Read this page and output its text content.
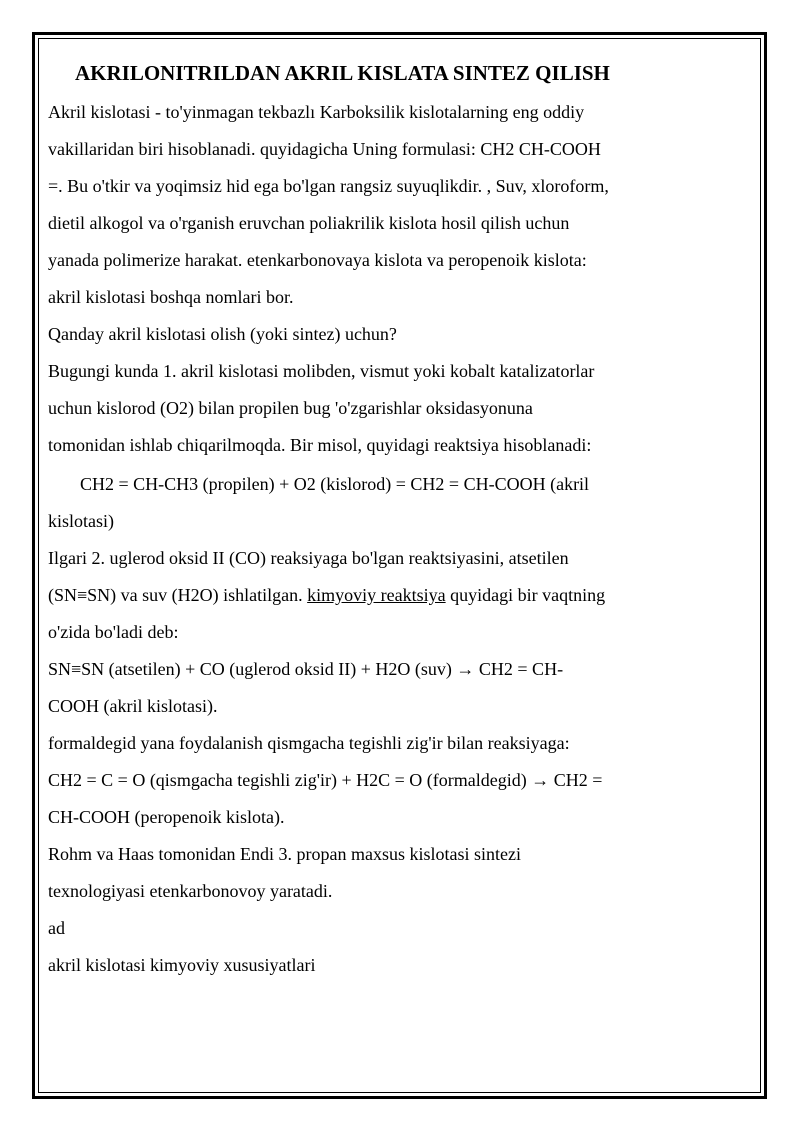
AKRILONITRILDAN AKRIL KISLATA SINTEZ QILISH
Akril kislotasi - to'yinmagan tekbazlı Karboksilik kislotalarning eng oddiy
vakillaridan biri hisoblanadi. quyidagicha Uning formulasi: CH2 CH-COOH
=. Bu o'tkir va yoqimsiz hid ega bo'lgan rangsiz suyuqlikdir. , Suv, xloroform,
dietil alkogol va o'rganish eruvchan poliakrilik kislota hosil qilish uchun
yanada polimerize harakat. etenkarbonovaya kislota va peropenoik kislota:
akril kislotasi boshqa nomlari bor.
Qanday akril kislotasi olish (yoki sintez) uchun?
Bugungi kunda 1. akril kislotasi molibden, vismut yoki kobalt katalizatorlar
uchun kislorod (O2) bilan propilen bug 'o'zgarishlar oksidasyonuna
tomonidan ishlab chiqarilmoqda. Bir misol, quyidagi reaktsiya hisoblanadi:
CH2 = CH-CH3 (propilen) + O2 (kislorod) = CH2 = CH-COOH (akril
kislotasi)
Ilgari 2. uglerod oksid II (CO) reaksiyaga bo'lgan reaktsiyasini, atsetilen
(SN≡SN) va suv (H2O) ishlatilgan. kimyoviy reaktsiya quyidagi bir vaqtning
o'zida bo'ladi deb:
SN≡SN (atsetilen) + CO (uglerod oksid II) + H2O (suv) → CH2 = CH-
COOH (akril kislotasi).
formaldegid yana foydalanish qismgacha tegishli zig'ir bilan reaksiyaga:
CH2 = C = O (qismgacha tegishli zig'ir) + H2C = O (formaldegid) → CH2 =
CH-COOH (peropenoik kislota).
Rohm va Haas tomonidan Endi 3. propan maxsus kislotasi sintezi
texnologiyasi etenkarbonovoy yaratadi.
ad
akril kislotasi kimyoviy xususiyatlari
